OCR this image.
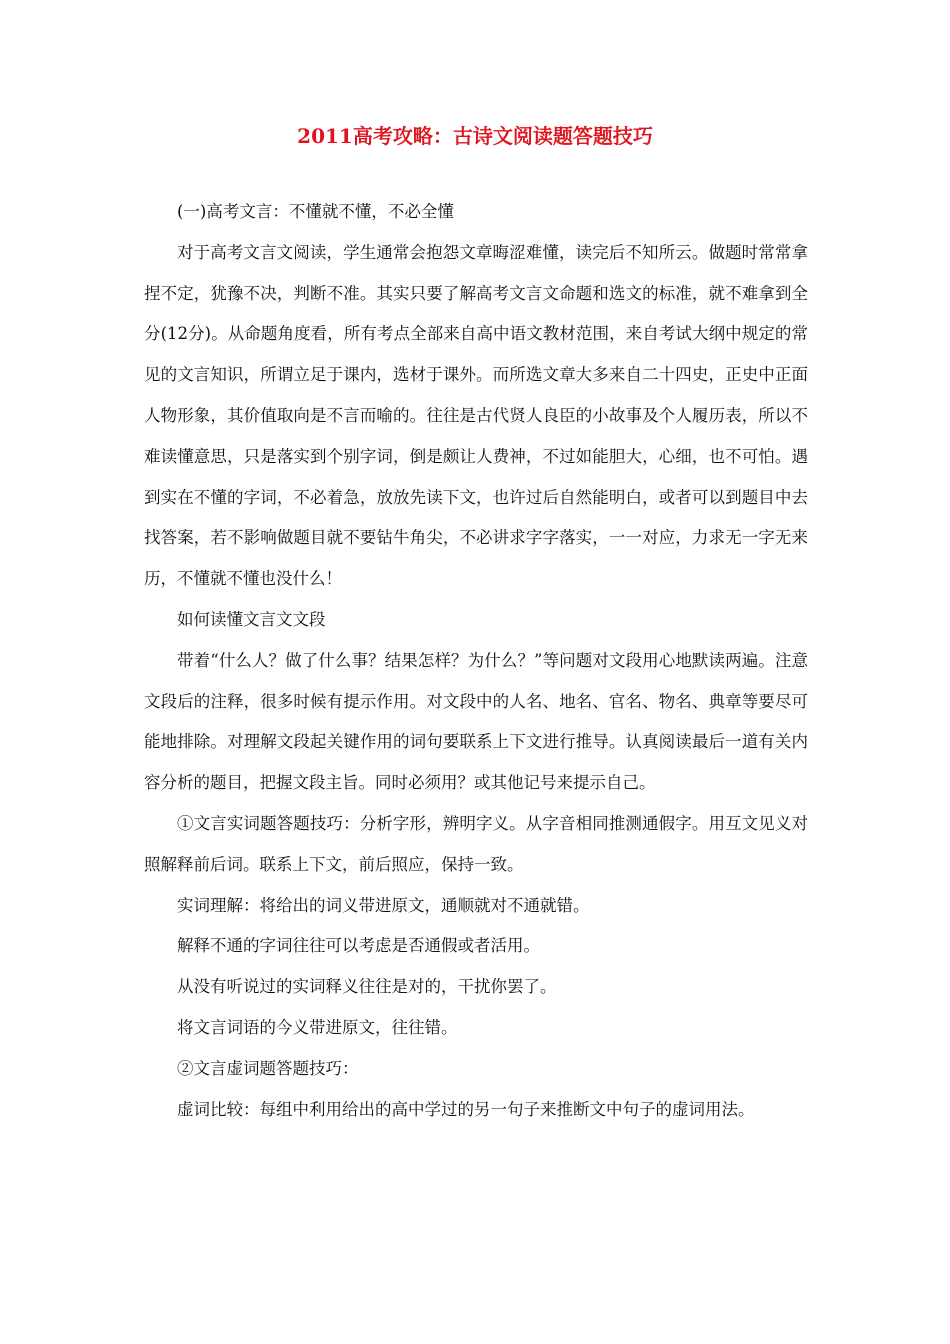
2011高考攻略：古诗文阅读题答题技巧

(一)高考文言：不懂就不懂，不必全懂

对于高考文言文阅读，学生通常会抱怨文章晦涩难懂，读完后不知所云。做题时常常拿捏不定，犹豫不决，判断不准。其实只要了解高考文言文命题和选文的标准，就不难拿到全分(12分)。从命题角度看，所有考点全部来自高中语文教材范围，来自考试大纲中规定的常见的文言知识，所谓立足于课内，选材于课外。而所选文章大多来自二十四史，正史中正面人物形象，其价值取向是不言而喻的。往往是古代贤人良臣的小故事及个人履历表，所以不难读懂意思，只是落实到个别字词，倒是颇让人费神，不过如能胆大，心细，也不可怕。遇到实在不懂的字词，不必着急，放放先读下文，也许过后自然能明白，或者可以到题目中去找答案，若不影响做题目就不要钻牛角尖，不必讲求字字落实，一一对应，力求无一字无来历，不懂就不懂也没什么！

如何读懂文言文文段

带着“什么人？做了什么事？结果怎样？为什么？”等问题对文段用心地默读两遍。注意文段后的注释，很多时候有提示作用。对文段中的人名、地名、官名、物名、典章等要尽可能地排除。对理解文段起关键作用的词句要联系上下文进行推导。认真阅读最后一道有关内容分析的题目，把握文段主旨。同时必须用？或其他记号来提示自己。

①文言实词题答题技巧：分析字形，辨明字义。从字音相同推测通假字。用互文见义对照解释前后词。联系上下文，前后照应，保持一致。

实词理解：将给出的词义带进原文，通顺就对不通就错。

解释不通的字词往往可以考虑是否通假或者活用。

从没有听说过的实词释义往往是对的，干扰你罢了。

将文言词语的今义带进原文，往往错。

②文言虚词题答题技巧：

虚词比较：每组中利用给出的高中学过的另一句子来推断文中句子的虚词用法。
